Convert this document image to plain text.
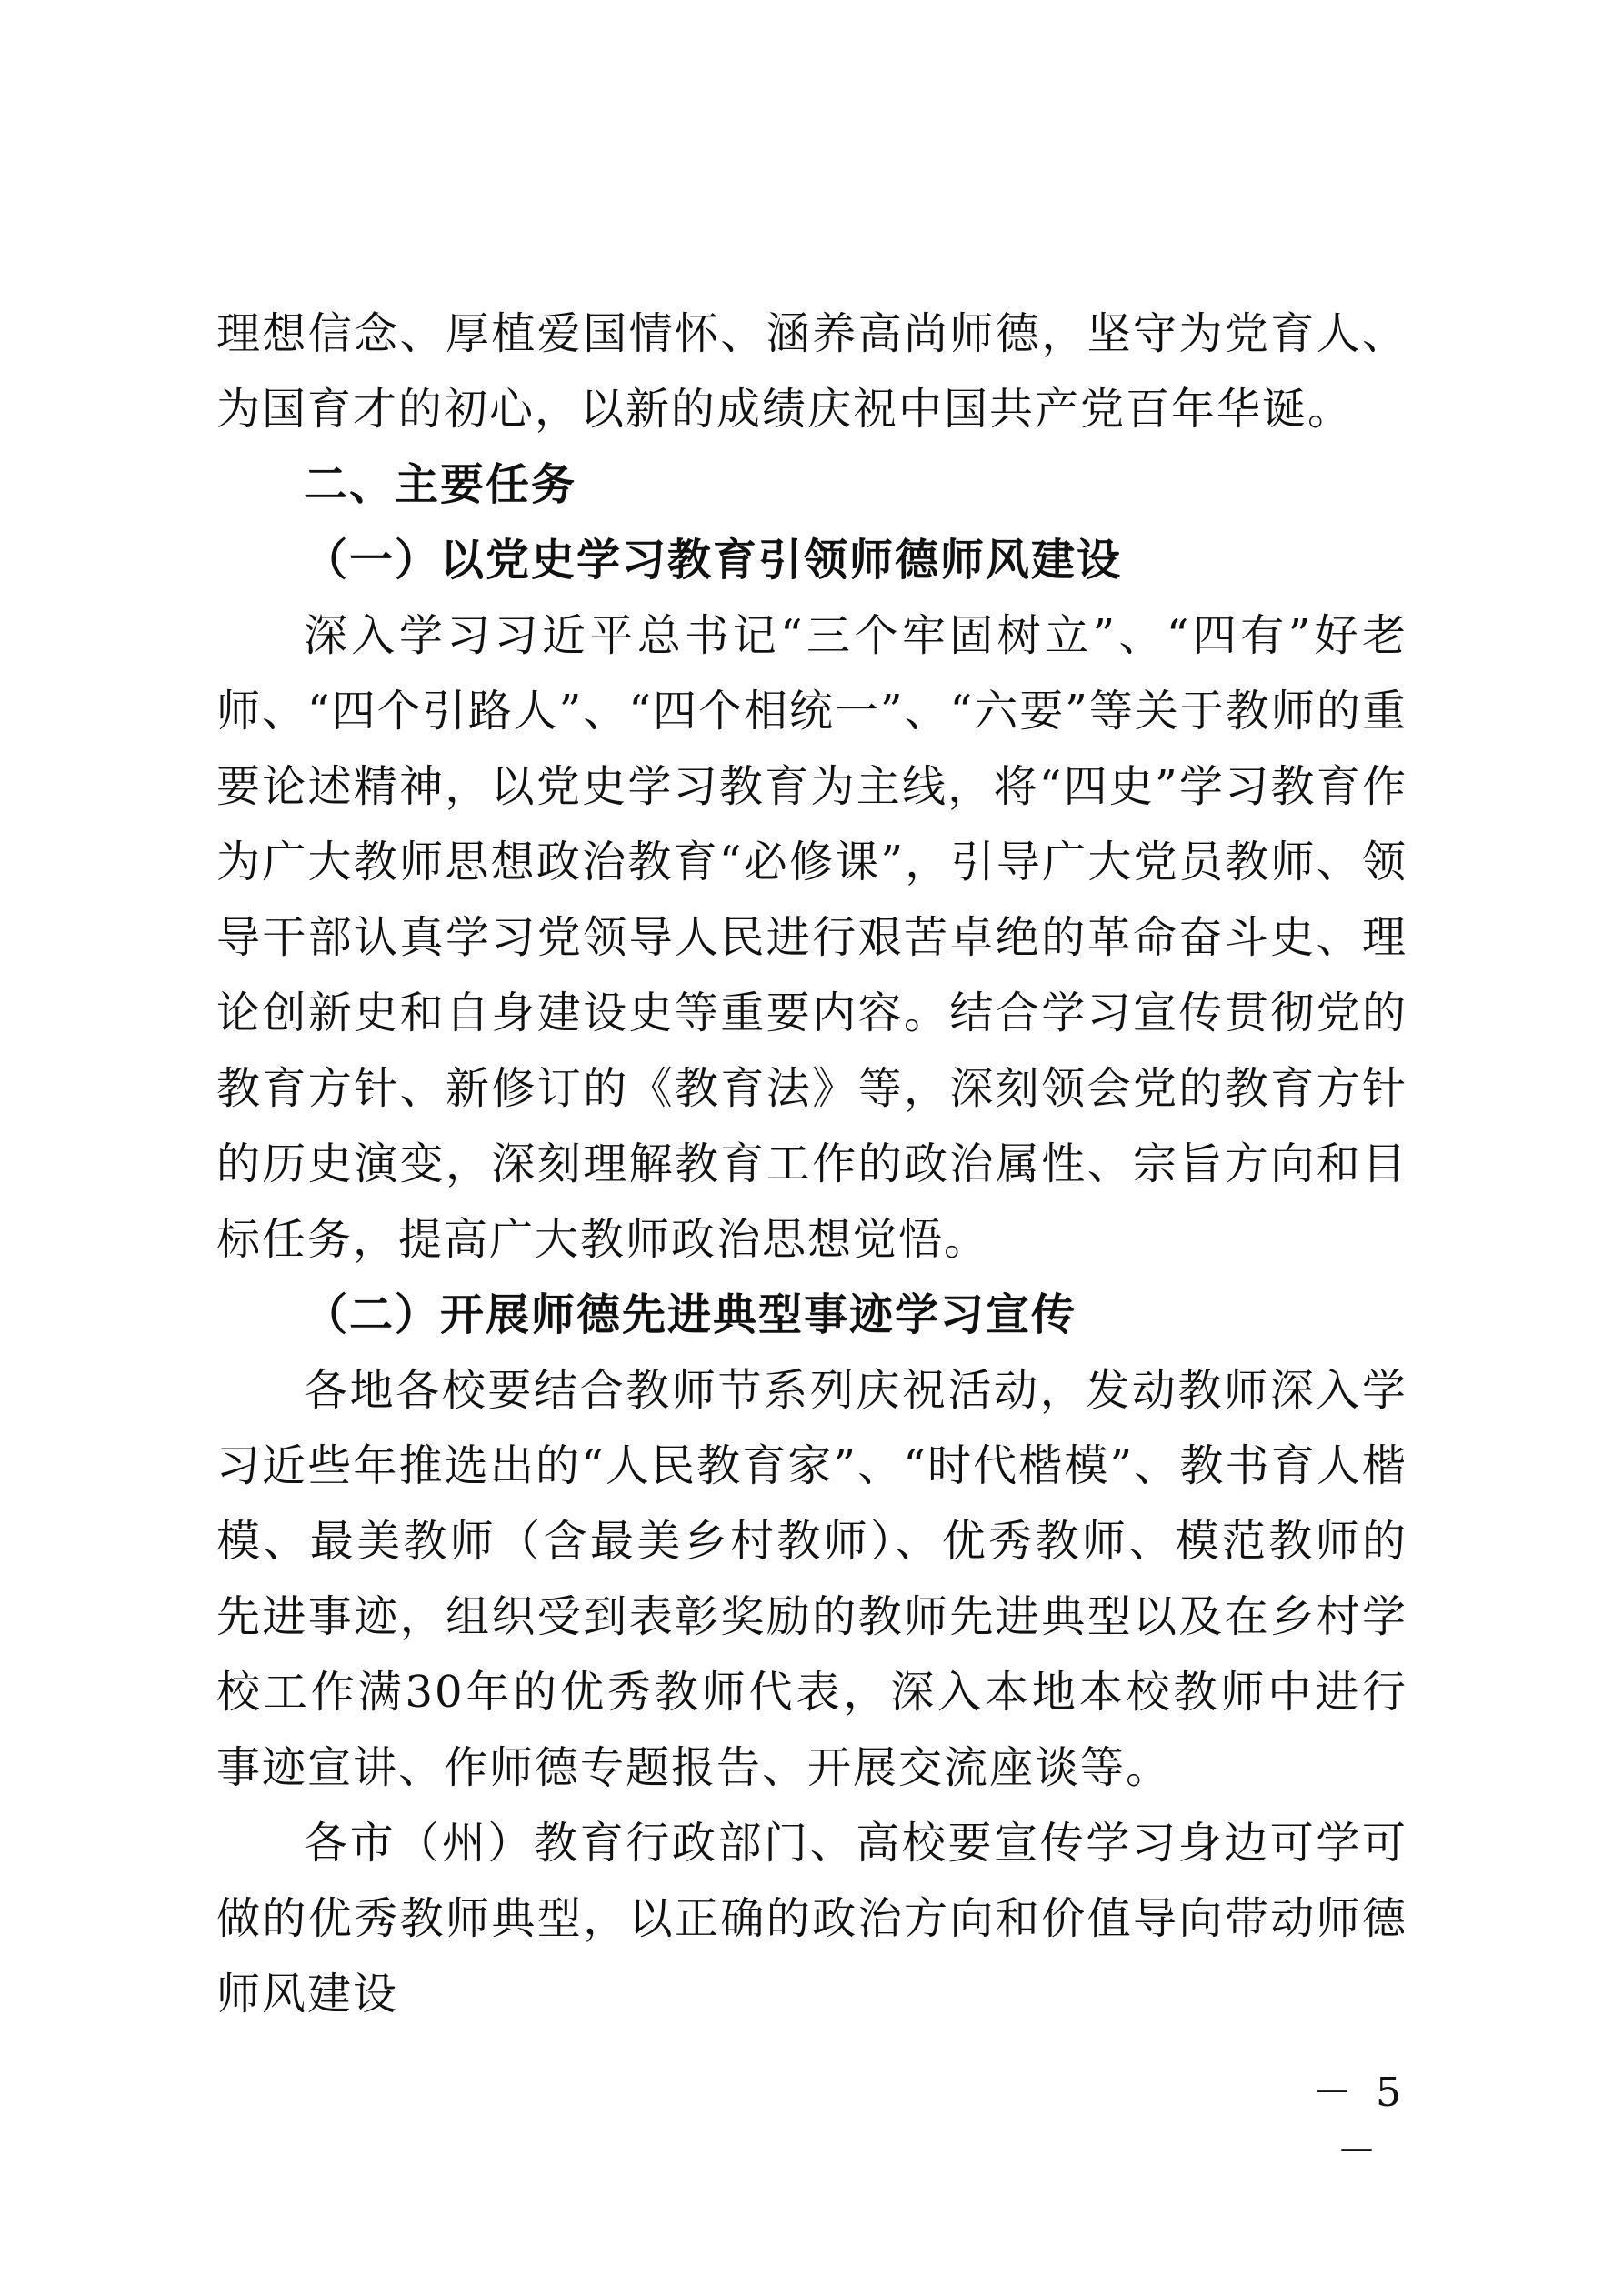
理想信念、厚植爱国情怀、涵养高尚师德，坚守为党育人、为国育才的初心，以新的成绩庆祝中国共产党百年华诞。

二、主要任务

（一）以党史学习教育引领师德师风建设

深入学习习近平总书记“三个牢固树立”、“四有”好老师、“四个引路人”、“四个相统一”、“六要”等关于教师的重要论述精神，以党史学习教育为主线，将“四史”学习教育作为广大教师思想政治教育“必修课”，引导广大党员教师、领导干部认真学习党领导人民进行艰苦卓绝的革命奋斗史、理论创新史和自身建设史等重要内容。结合学习宣传贯彻党的教育方针、新修订的《教育法》等，深刻领会党的教育方针的历史演变，深刻理解教育工作的政治属性、宗旨方向和目标任务，提高广大教师政治思想觉悟。

（二）开展师德先进典型事迹学习宣传

各地各校要结合教师节系列庆祝活动，发动教师深入学习近些年推选出的“人民教育家”、“时代楷模”、教书育人楷模、最美教师（含最美乡村教师）、优秀教师、模范教师的先进事迹，组织受到表彰奖励的教师先进典型以及在乡村学校工作满30年的优秀教师代表，深入本地本校教师中进行事迹宣讲、作师德专题报告、开展交流座谈等。

各市（州）教育行政部门、高校要宣传学习身边可学可做的优秀教师典型，以正确的政治方向和价值导向带动师德师风建设

－ 5 －
